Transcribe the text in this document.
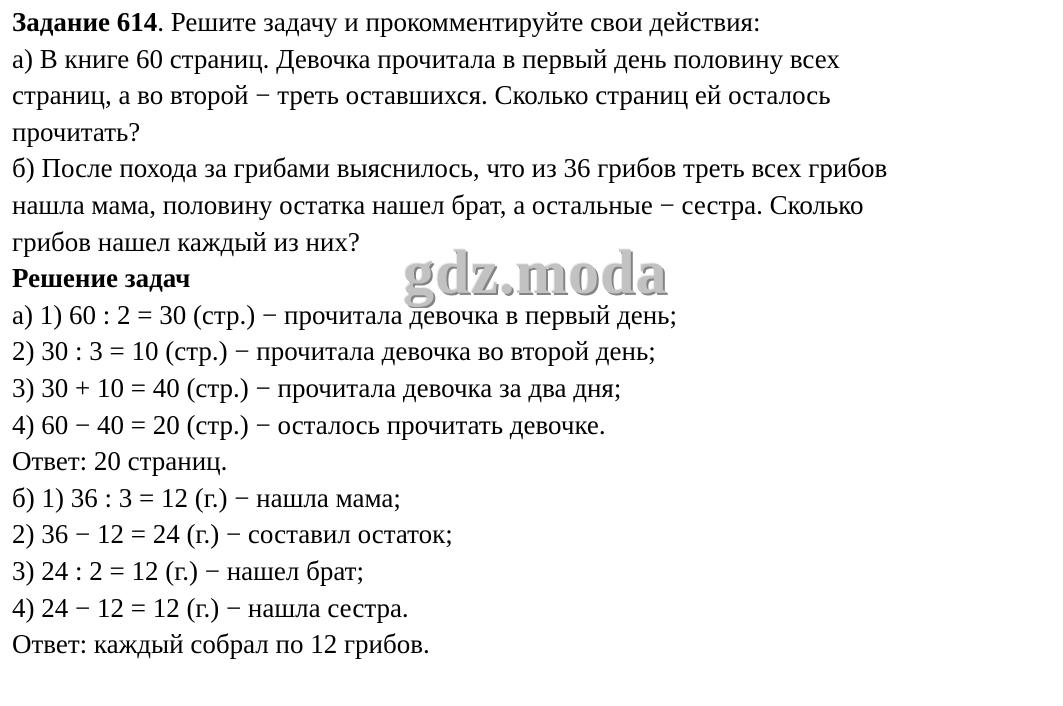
Задание 614. Решите задачу и прокомментируйте свои действия:
а) В книге 60 страниц. Девочка прочитала в первый день половину всех
страниц, а во второй − треть оставшихся. Сколько страниц ей осталось
прочитать?
б) После похода за грибами выяснилось, что из 36 грибов треть всех грибов
нашла мама, половину остатка нашел брат, а остальные − сестра. Сколько
грибов нашел каждый из них?
Решение задач
а) 1) 60 : 2 = 30 (стр.) − прочитала девочка в первый день;
2) 30 : 3 = 10 (стр.) − прочитала девочка во второй день;
3) 30 + 10 = 40 (стр.) − прочитала девочка за два дня;
4) 60 − 40 = 20 (стр.) − осталось прочитать девочке.
Ответ: 20 страниц.
б) 1) 36 : 3 = 12 (г.) − нашла мама;
2) 36 − 12 = 24 (г.) − составил остаток;
3) 24 : 2 = 12 (г.) − нашел брат;
4) 24 − 12 = 12 (г.) − нашла сестра.
Ответ: каждый собрал по 12 грибов.
gdz.moda
